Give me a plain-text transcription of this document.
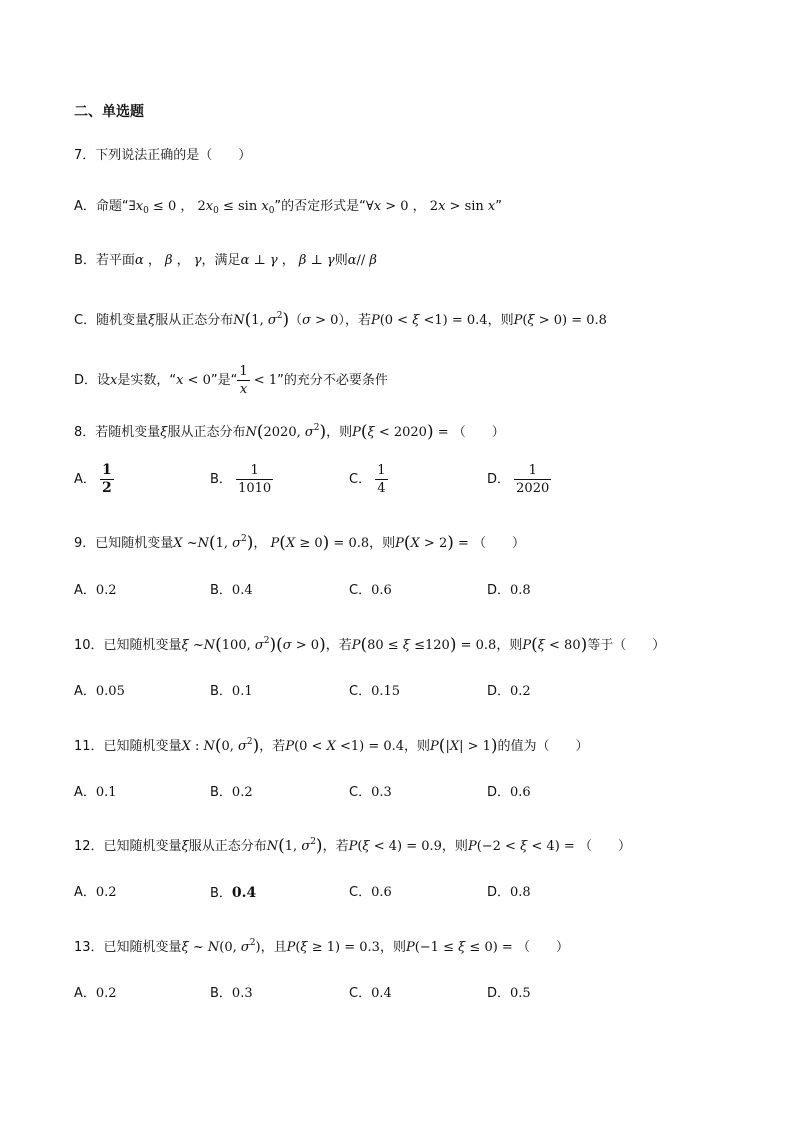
二、单选题
7．下列说法正确的是（　　）
A．命题“$\exists x_0 \le 0$ ， $2x_0 \le \sin x_0$”的否定形式是“∀x > 0 ， 2x > sin x”
B．若平面α ， β ， γ，满足α ⊥ γ ， β ⊥ γ则α// β
C．随机变量ξ服从正态分布N(1, $\sigma^2)(\sigma > 0)$，若P(0 < ξ <1) = 0.4，则P(ξ > 0) = 0.8
D．设x是实数，“x < 0”是“ $\frac{1}{x} < 1$”的充分不必要条件
8．若随机变量ξ服从正态分布N(2020, $\sigma^2$)，则P(ξ < 2020) = （　　）
A． $\frac{1}{2}$	B． $\frac{1}{1010}$	C． $\frac{1}{4}$	D． $\frac{1}{2020}$
9．已知随机变量X ~N(1, $\sigma^2$)， P(X ≥ 0) = 0.8，则P(X > 2) = （　　）
A．0.2	B．0.4	C．0.6	D．0.8
10．已知随机变量ξ ~N(100, $\sigma^2)(\sigma > 0)$，若P(80 ≤ ξ ≤120) = 0.8，则P(ξ < 80)等于（　　）
A．0.05	B．0.1	C．0.15	D．0.2
11．已知随机变量X : N(0, $\sigma^2$)，若P(0 < X <1) = 0.4，则P(|X| > 1)的值为（　　）
A．0.1	B．0.2	C．0.3	D．0.6
12．已知随机变量ξ服从正态分布N(1, $\sigma^2$)，若P(ξ < 4) = 0.9，则P(−2 < ξ < 4) = （　　）
A．0.2	B．0.4	C．0.6	D．0.8
13．已知随机变量ξ ~ N(0, $\sigma^2$)，且P(ξ ≥ 1) = 0.3，则P(−1 ≤ ξ ≤ 0) = （　　）
A．0.2	B．0.3	C．0.4	D．0.5
